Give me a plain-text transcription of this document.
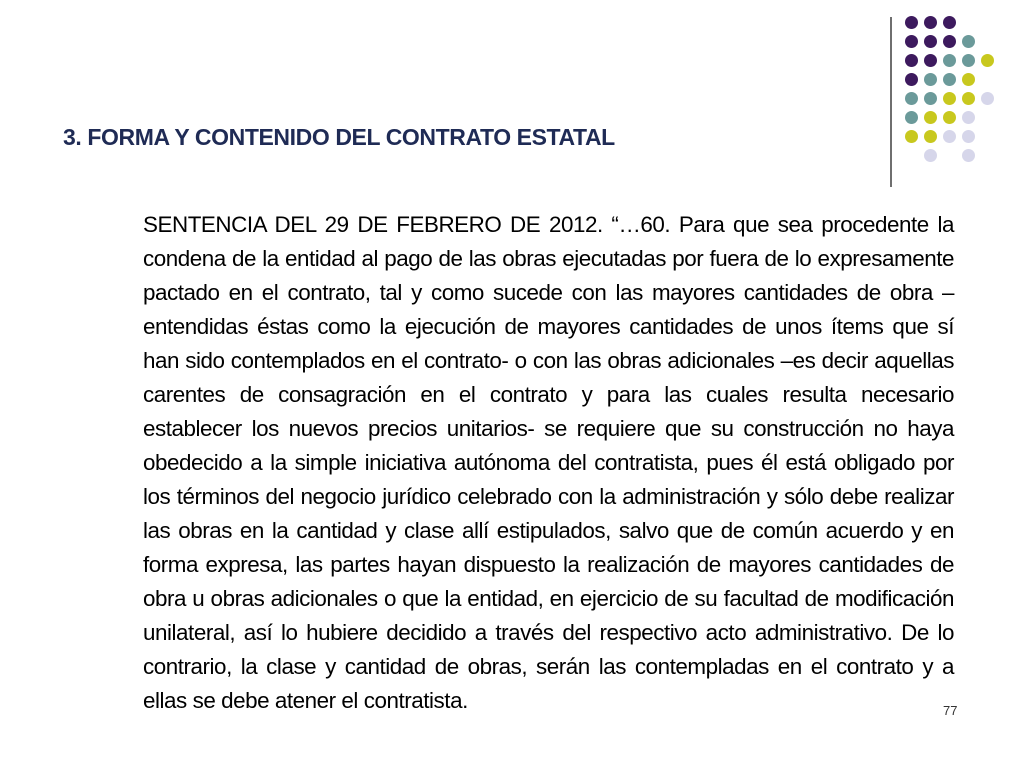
3. FORMA Y CONTENIDO DEL CONTRATO ESTATAL

SENTENCIA DEL 29 DE FEBRERO DE 2012. “…60. Para que sea procedente la condena de la entidad al pago de las obras ejecutadas por fuera de lo expresamente pactado en el contrato, tal y como sucede con las mayores cantidades de obra –entendidas éstas como la ejecución de mayores cantidades de unos ítems que sí han sido contemplados en el contrato- o con las obras adicionales –es decir aquellas carentes de consagración en el contrato y para las cuales resulta necesario establecer los nuevos precios unitarios- se requiere que su construcción no haya obedecido a la simple iniciativa autónoma del contratista, pues él está obligado por los términos del negocio jurídico celebrado con la administración y sólo debe realizar las obras en la cantidad y clase allí estipulados, salvo que de común acuerdo y en forma expresa, las partes hayan dispuesto la realización de mayores cantidades de obra u obras adicionales o que la entidad, en ejercicio de su facultad de modificación unilateral, así lo hubiere decidido a través del respectivo acto administrativo. De lo contrario, la clase y cantidad de obras, serán las contempladas en el contrato y a ellas se debe atener el contratista.	77
